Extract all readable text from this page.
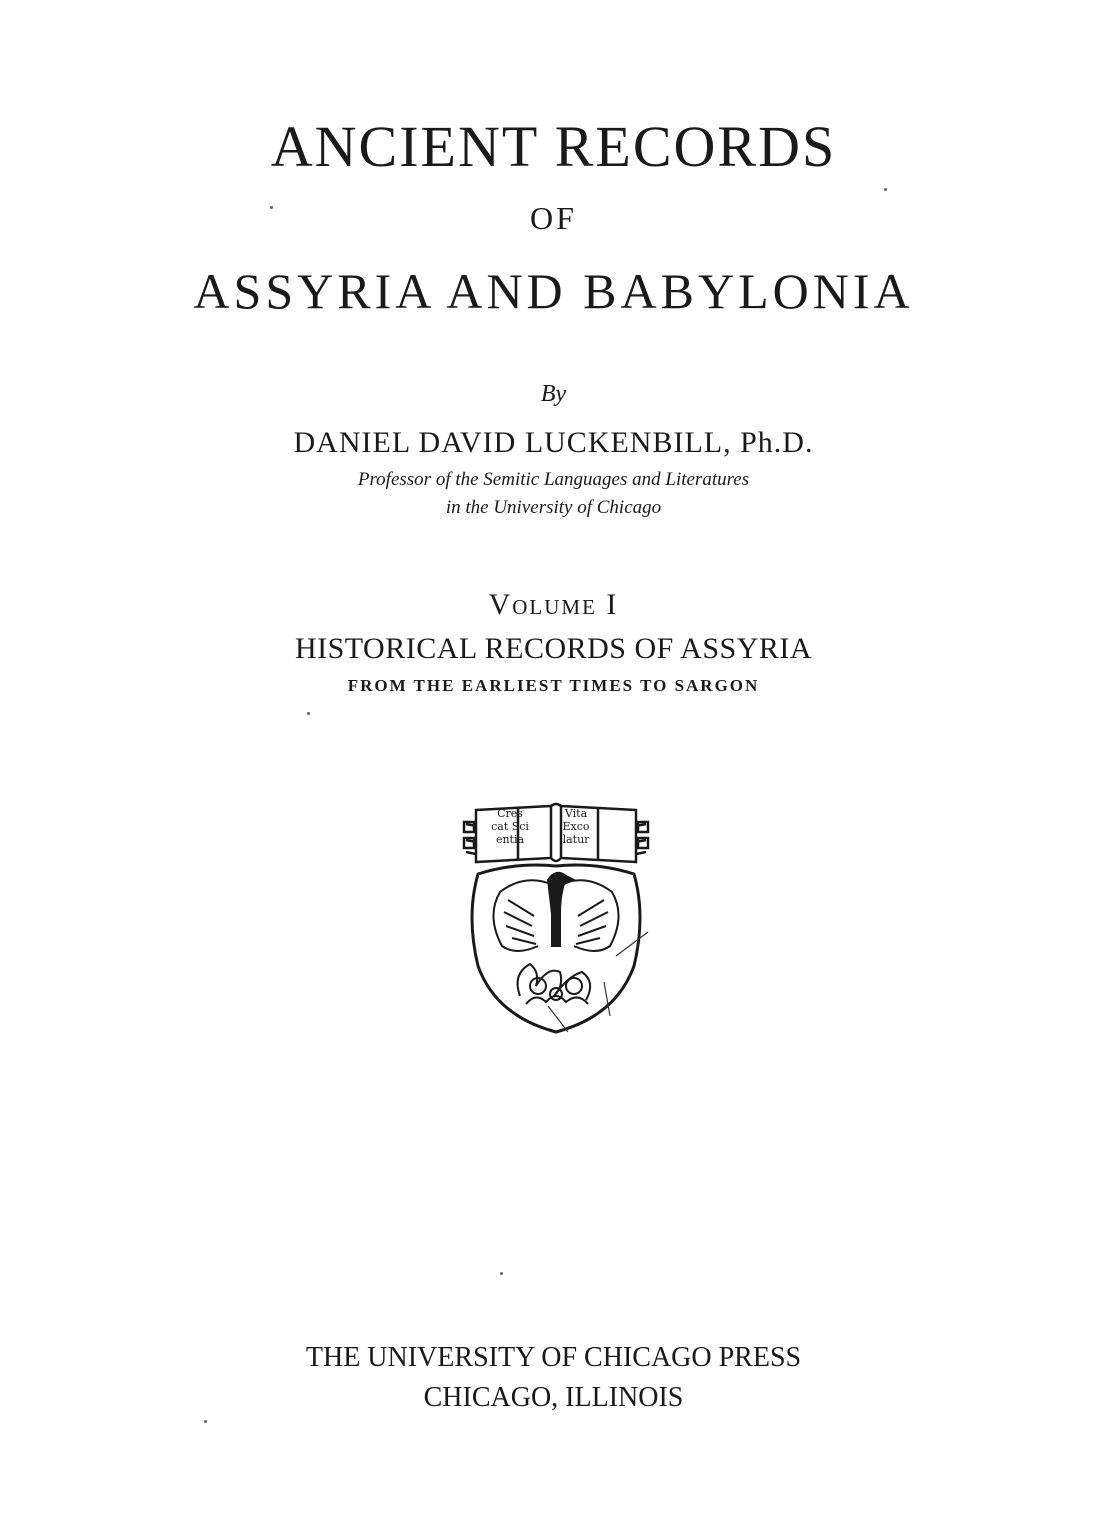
ANCIENT RECORDS
OF
ASSYRIA AND BABYLONIA
By
DANIEL DAVID LUCKENBILL, Ph.D.
Professor of the Semitic Languages and Literatures
in the University of Chicago
Volume I
HISTORICAL RECORDS OF ASSYRIA
FROM THE EARLIEST TIMES TO SARGON
Cres
cat Sci
entia
Vita
Exco
latur
THE UNIVERSITY OF CHICAGO PRESS
CHICAGO, ILLINOIS
